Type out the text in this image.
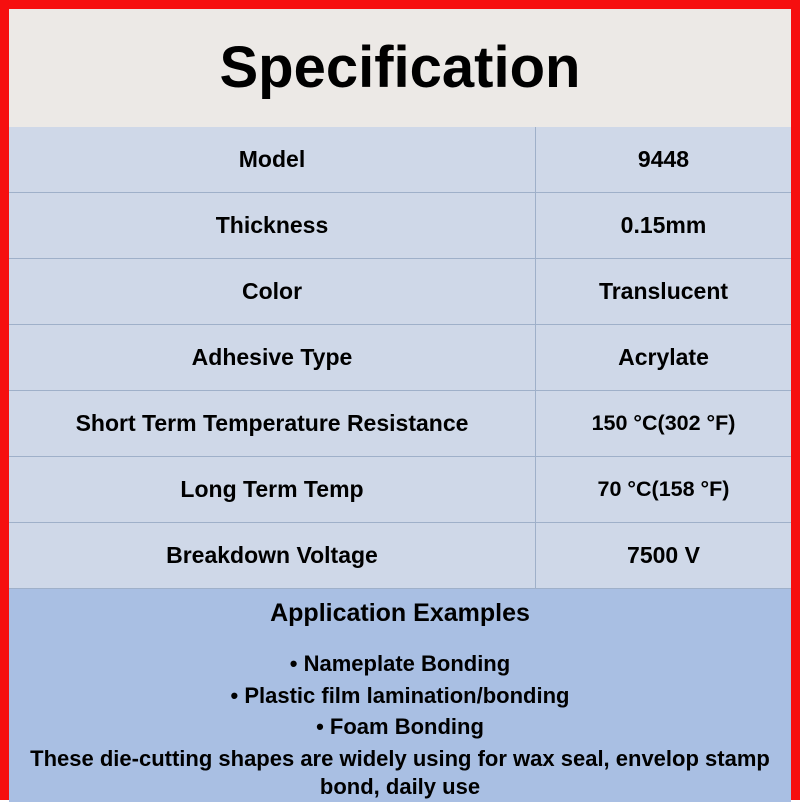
Specification
Model	9448
Thickness	0.15mm
Color	Translucent
Adhesive Type	Acrylate
Short Term Temperature Resistance	150 °C(302 °F)
Long Term Temp	70 °C(158 °F)
Breakdown Voltage	7500 V
Application Examples
• Nameplate Bonding
• Plastic film lamination/bonding
• Foam Bonding
These die-cutting shapes are widely using for wax seal, envelop stamp bond, daily use
